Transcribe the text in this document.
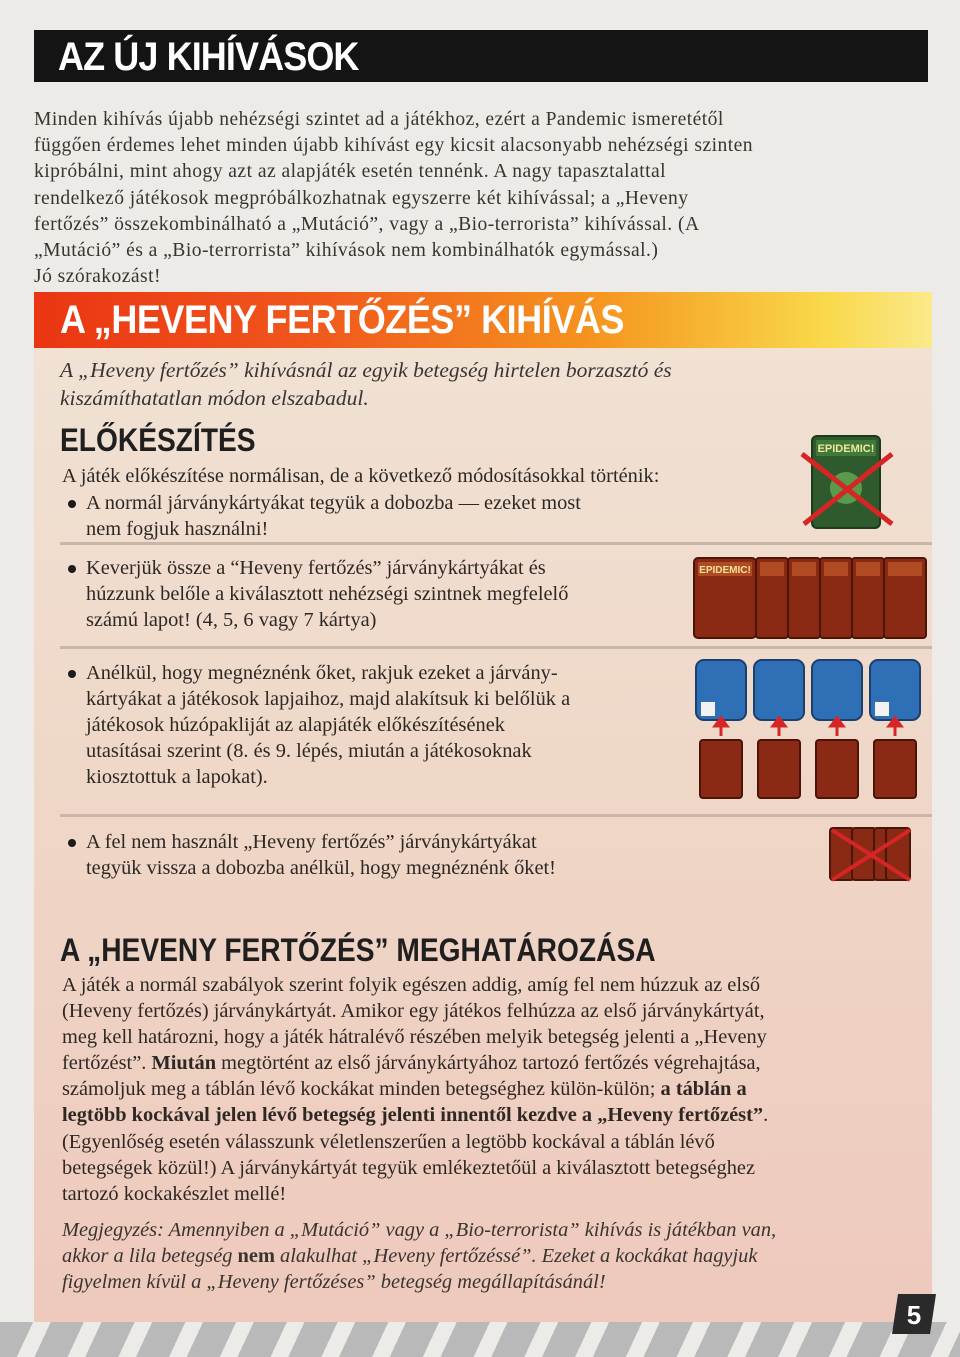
AZ ÚJ KIHÍVÁSOK
Minden kihívás újabb nehézségi szintet ad a játékhoz, ezért a Pandemic ismeretétől
függően érdemes lehet minden újabb kihívást egy kicsit alacsonyabb nehézségi szinten
kipróbálni, mint ahogy azt az alapjáték esetén tennénk. A nagy tapasztalattal
rendelkező játékosok megpróbálkozhatnak egyszerre két kihívással; a „Heveny
fertőzés” összekombinálható a „Mutáció”, vagy a „Bio-terrorista” kihívással. (A
„Mutáció” és a „Bio-terrorrista” kihívások nem kombinálhatók egymással.)
Jó szórakozást!
A „HEVENY FERTŐZÉS” KIHÍVÁS
A „Heveny fertőzés” kihívásnál az egyik betegség hirtelen borzasztó és
kiszámíthatatlan módon elszabadul.
ELŐKÉSZÍTÉS
A játék előkészítése normálisan, de a következő módosításokkal történik:
A normál járványkártyákat tegyük a dobozba — ezeket most
nem fogjuk használni!
Keverjük össze a “Heveny fertőzés” járványkártyákat és
húzzunk belőle a kiválasztott nehézségi szintnek megfelelő
számú lapot! (4, 5, 6 vagy 7 kártya)
Anélkül, hogy megnéznénk őket, rakjuk ezeket a járvány-
kártyákat a játékosok lapjaihoz, majd alakítsuk ki belőlük a
játékosok húzópakliját az alapjáték előkészítésének
utasításai szerint (8. és 9. lépés, miután a játékosoknak
kiosztottuk a lapokat).
A fel nem használt „Heveny fertőzés” járványkártyákat
tegyük vissza a dobozba anélkül, hogy megnéznénk őket!
A „HEVENY FERTŐZÉS” MEGHATÁROZÁSA
A játék a normál szabályok szerint folyik egészen addig, amíg fel nem húzzuk az első
(Heveny fertőzés) járványkártyát. Amikor egy játékos felhúzza az első járványkártyát,
meg kell határozni, hogy a játék hátralévő részében melyik betegség jelenti a „Heveny
fertőzést”. Miután megtörtént az első járványkártyához tartozó fertőzés végrehajtása,
számoljuk meg a táblán lévő kockákat minden betegséghez külön-külön; a táblán a
legtöbb kockával jelen lévő betegség jelenti innentől kezdve a „Heveny fertőzést”.
(Egyenlőség esetén válasszunk véletlenszerűen a legtöbb kockával a táblán lévő
betegségek közül!) A járványkártyát tegyük emlékeztetőül a kiválasztott betegséghez
tartozó kockakészlet mellé!
Megjegyzés: Amennyiben a „Mutáció” vagy a „Bio-terrorista” kihívás is játékban van,
akkor a lila betegség nem alakulhat „Heveny fertőzéssé”. Ezeket a kockákat hagyjuk
figyelmen kívül a „Heveny fertőzéses” betegség megállapításánál!
EPIDEMIC!
EPIDEMIC!
5
